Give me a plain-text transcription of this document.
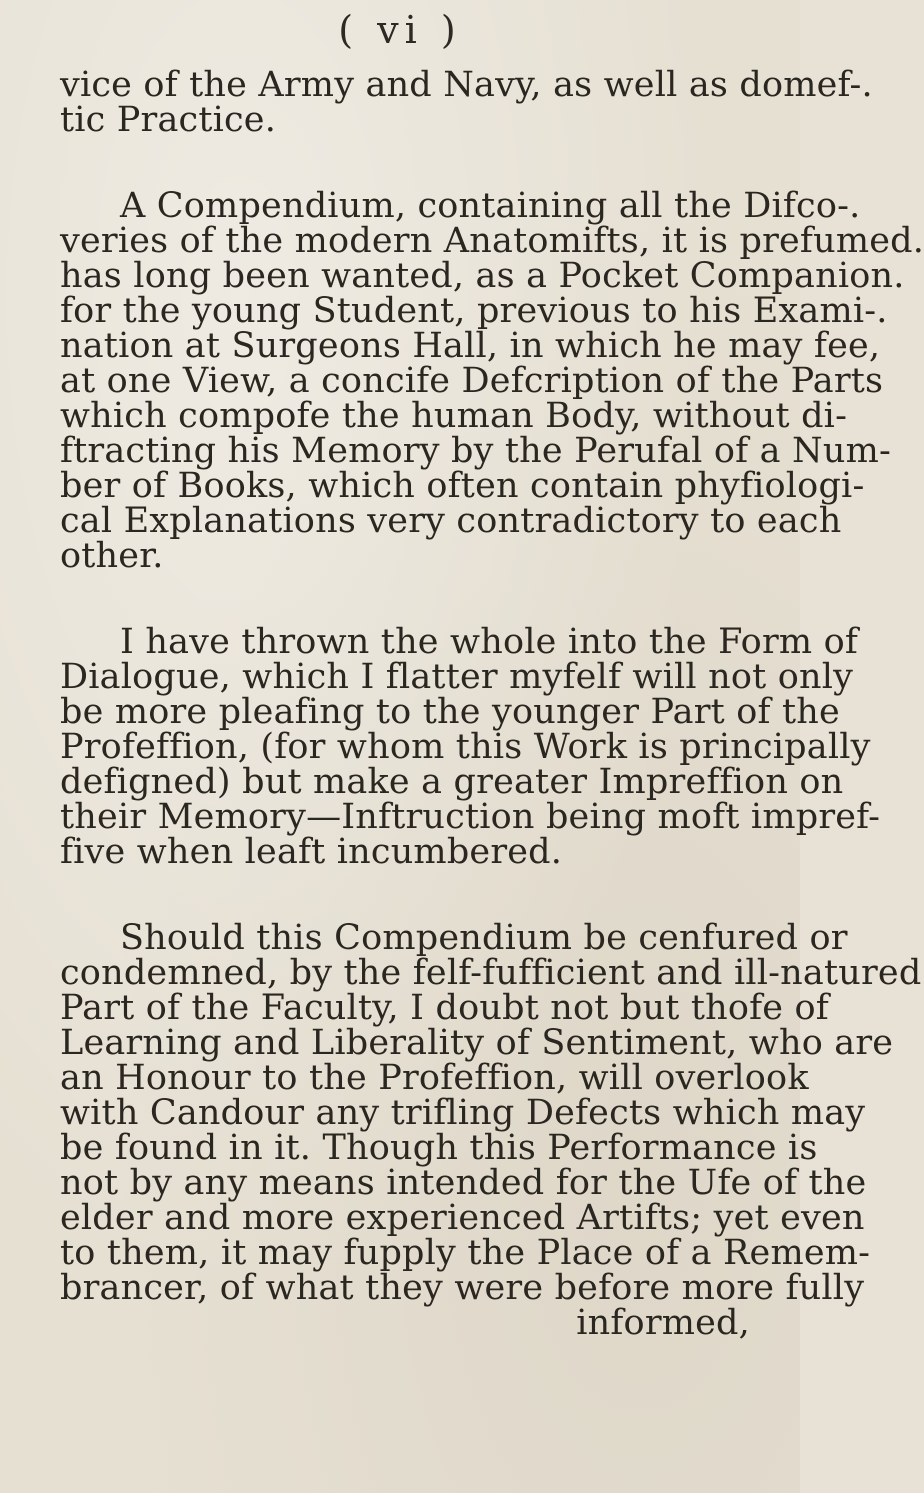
( vi )
vice of the Army and Navy, as well as domef-.
tic Practice.
A Compendium, containing all the Difco-.
veries of the modern Anatomifts, it is prefumed.
has long been wanted, as a Pocket Companion.
for the young Student, previous to his Exami-.
nation at Surgeons Hall, in which he may fee,
at one View, a concife Defcription of the Parts
which compofe the human Body, without di-
ftracting his Memory by the Perufal of a Num-
ber of Books, which often contain phyfiologi-
cal Explanations very contradictory to each
other.
I have thrown the whole into the Form of
Dialogue, which I flatter myfelf will not only
be more pleafing to the younger Part of the
Profeffion, (for whom this Work is principally
defigned) but make a greater Impreffion on
their Memory—Inftruction being moft impref-
five when leaft incumbered.
Should this Compendium be cenfured or
condemned, by the felf-fufficient and ill-natured
Part of the Faculty, I doubt not but thofe of
Learning and Liberality of Sentiment, who are
an Honour to the Profeffion, will overlook
with Candour any trifling Defects which may
be found in it. Though this Performance is
not by any means intended for the Ufe of the
elder and more experienced Artifts; yet even
to them, it may fupply the Place of a Remem-
brancer, of what they were before more fully
informed,
